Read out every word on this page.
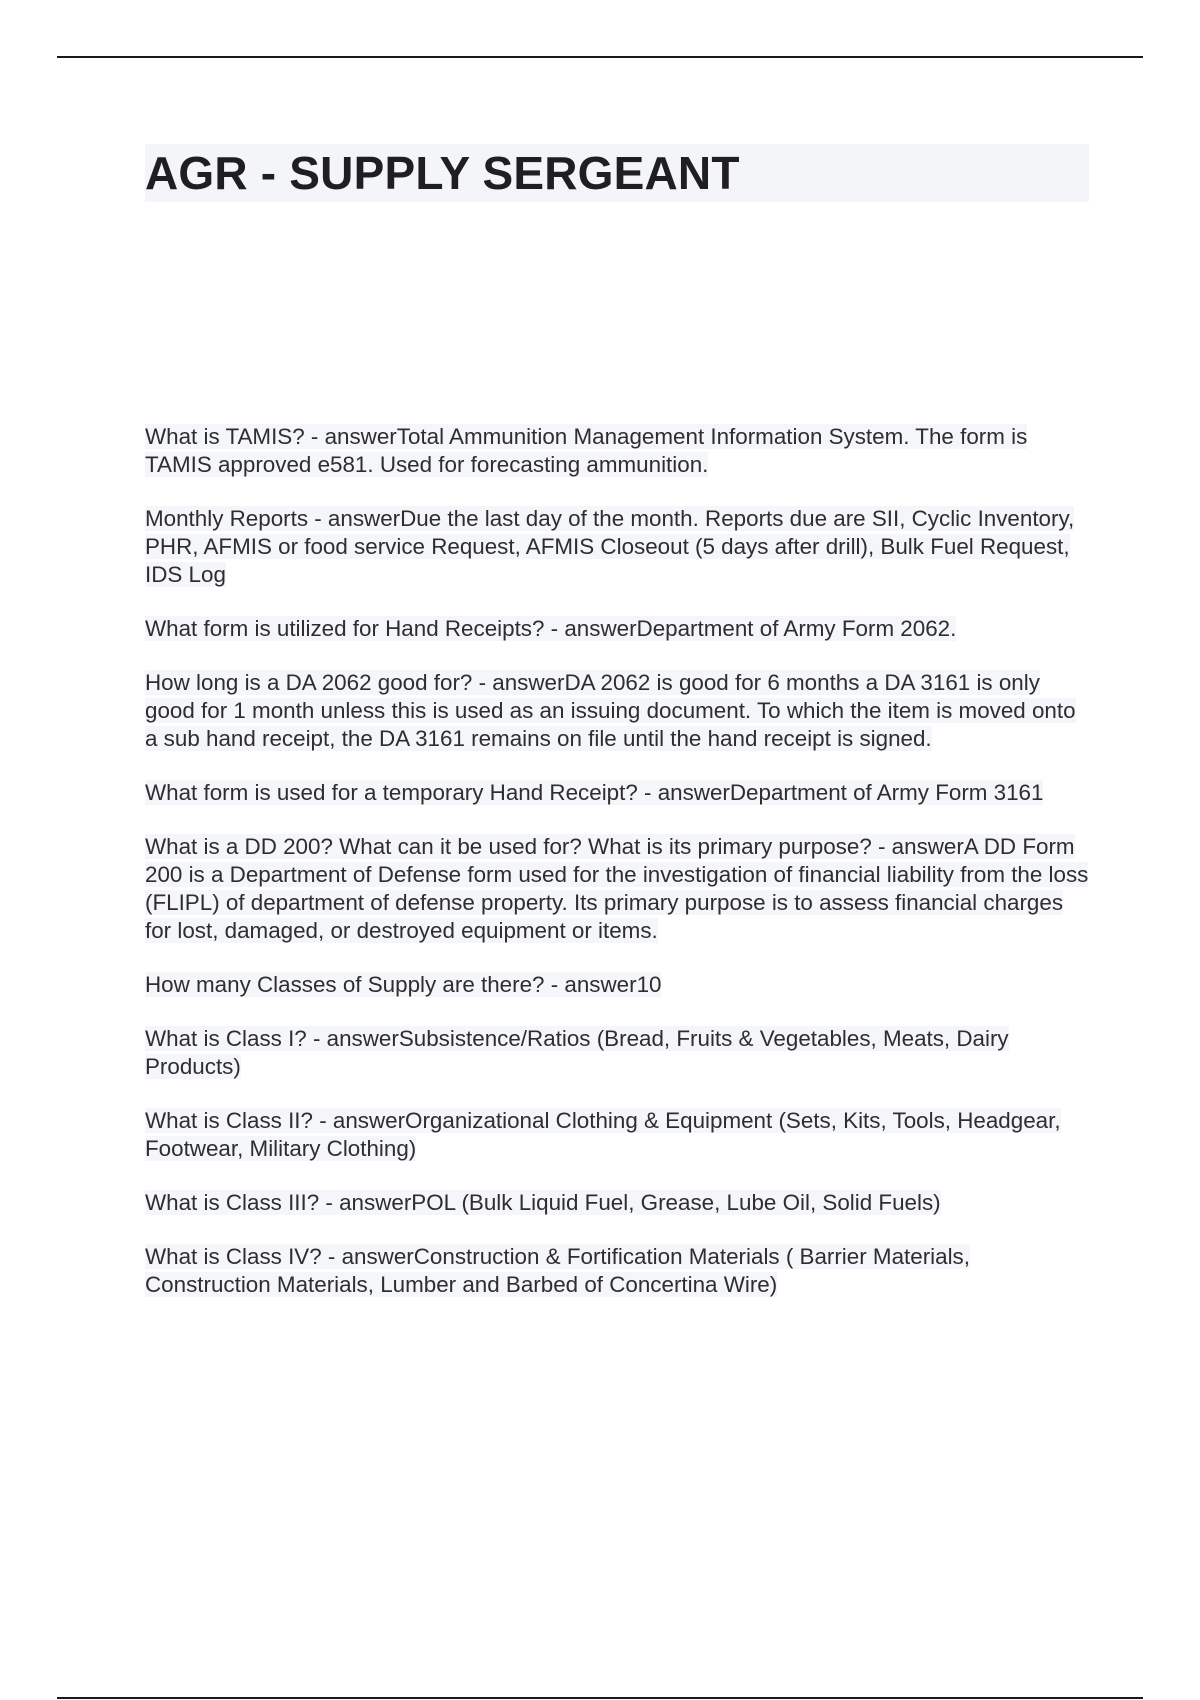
AGR - SUPPLY SERGEANT
What is TAMIS? - answerTotal Ammunition Management Information System. The form is TAMIS approved e581. Used for forecasting ammunition.
Monthly Reports - answerDue the last day of the month. Reports due are SII, Cyclic Inventory, PHR, AFMIS or food service Request, AFMIS Closeout (5 days after drill), Bulk Fuel Request, IDS Log
What form is utilized for Hand Receipts? - answerDepartment of Army Form 2062.
How long is a DA 2062 good for? - answerDA 2062 is good for 6 months a DA 3161 is only good for 1 month unless this is used as an issuing document. To which the item is moved onto a sub hand receipt, the DA 3161 remains on file until the hand receipt is signed.
What form is used for a temporary Hand Receipt? - answerDepartment of Army Form 3161
What is a DD 200? What can it be used for? What is its primary purpose? - answerA DD Form 200 is a Department of Defense form used for the investigation of financial liability from the loss (FLIPL) of department of defense property. Its primary purpose is to assess financial charges for lost, damaged, or destroyed equipment or items.
How many Classes of Supply are there? - answer10
What is Class I? - answerSubsistence/Ratios (Bread, Fruits & Vegetables, Meats, Dairy Products)
What is Class II? - answerOrganizational Clothing & Equipment (Sets, Kits, Tools, Headgear, Footwear, Military Clothing)
What is Class III? - answerPOL (Bulk Liquid Fuel, Grease, Lube Oil, Solid Fuels)
What is Class IV? - answerConstruction & Fortification Materials ( Barrier Materials, Construction Materials, Lumber and Barbed of Concertina Wire)
